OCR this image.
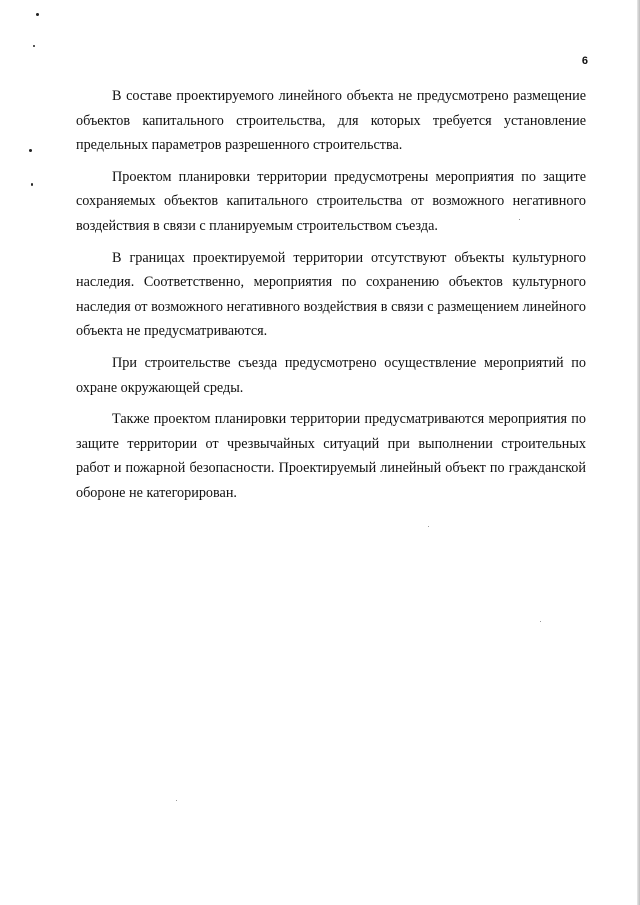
6

В составе проектируемого линейного объекта не предусмотрено размещение объектов капитального строительства, для которых требуется установление предельных параметров разрешенного строительства.

Проектом планировки территории предусмотрены мероприятия по защите сохраняемых объектов капитального строительства от возможного негативного воздействия в связи с планируемым строительством съезда.

В границах проектируемой территории отсутствуют объекты культурного наследия. Соответственно, мероприятия по сохранению объектов культурного наследия от возможного негативного воздействия в связи с размещением линейного объекта не предусматриваются.

При строительстве съезда предусмотрено осуществление мероприятий по охране окружающей среды.

Также проектом планировки территории предусматриваются мероприятия по защите территории от чрезвычайных ситуаций при выполнении строительных работ и пожарной безопасности. Проектируемый линейный объект по гражданской обороне не категорирован.
